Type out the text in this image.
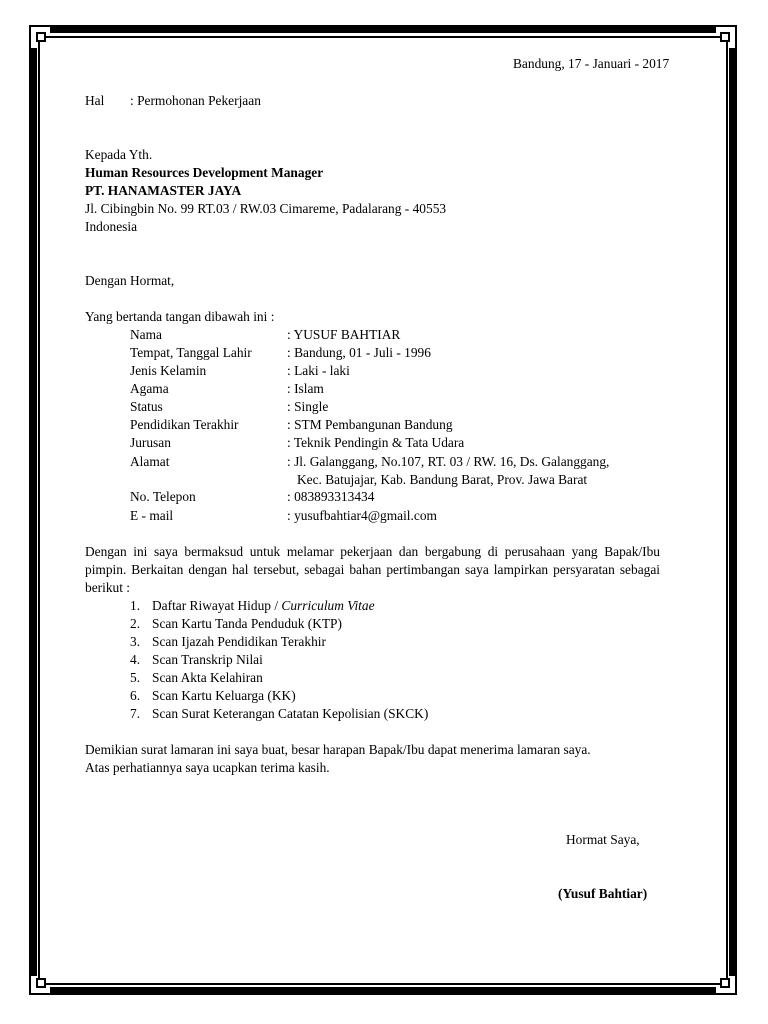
Bandung, 17 - Januari - 2017
Hal : Permohonan Pekerjaan
Kepada Yth.
Human Resources Development Manager
PT. HANAMASTER JAYA
Jl. Cibingbin No. 99 RT.03 / RW.03 Cimareme, Padalarang - 40553
Indonesia
Dengan Hormat,
Yang bertanda tangan dibawah ini :
Nama	: YUSUF BAHTIAR
Tempat, Tanggal Lahir	: Bandung, 01 - Juli - 1996
Jenis Kelamin	: Laki - laki
Agama	: Islam
Status	: Single
Pendidikan Terakhir	: STM Pembangunan Bandung
Jurusan	: Teknik Pendingin & Tata Udara
Alamat	: Jl. Galanggang, No.107, RT. 03 / RW. 16, Ds. Galanggang,
Kec. Batujajar, Kab. Bandung Barat, Prov. Jawa Barat
No. Telepon	: 083893313434
E - mail	: yusufbahtiar4@gmail.com
Dengan ini saya bermaksud untuk melamar pekerjaan dan bergabung di perusahaan yang Bapak/Ibu pimpin. Berkaitan dengan hal tersebut, sebagai bahan pertimbangan saya lampirkan persyaratan sebagai berikut :
1. Daftar Riwayat Hidup / Curriculum Vitae
2. Scan Kartu Tanda Penduduk (KTP)
3. Scan Ijazah Pendidikan Terakhir
4. Scan Transkrip Nilai
5. Scan Akta Kelahiran
6. Scan Kartu Keluarga (KK)
7. Scan Surat Keterangan Catatan Kepolisian (SKCK)
Demikian surat lamaran ini saya buat, besar harapan Bapak/Ibu dapat menerima lamaran saya.
Atas perhatiannya saya ucapkan terima kasih.
Hormat Saya,
(Yusuf Bahtiar)
